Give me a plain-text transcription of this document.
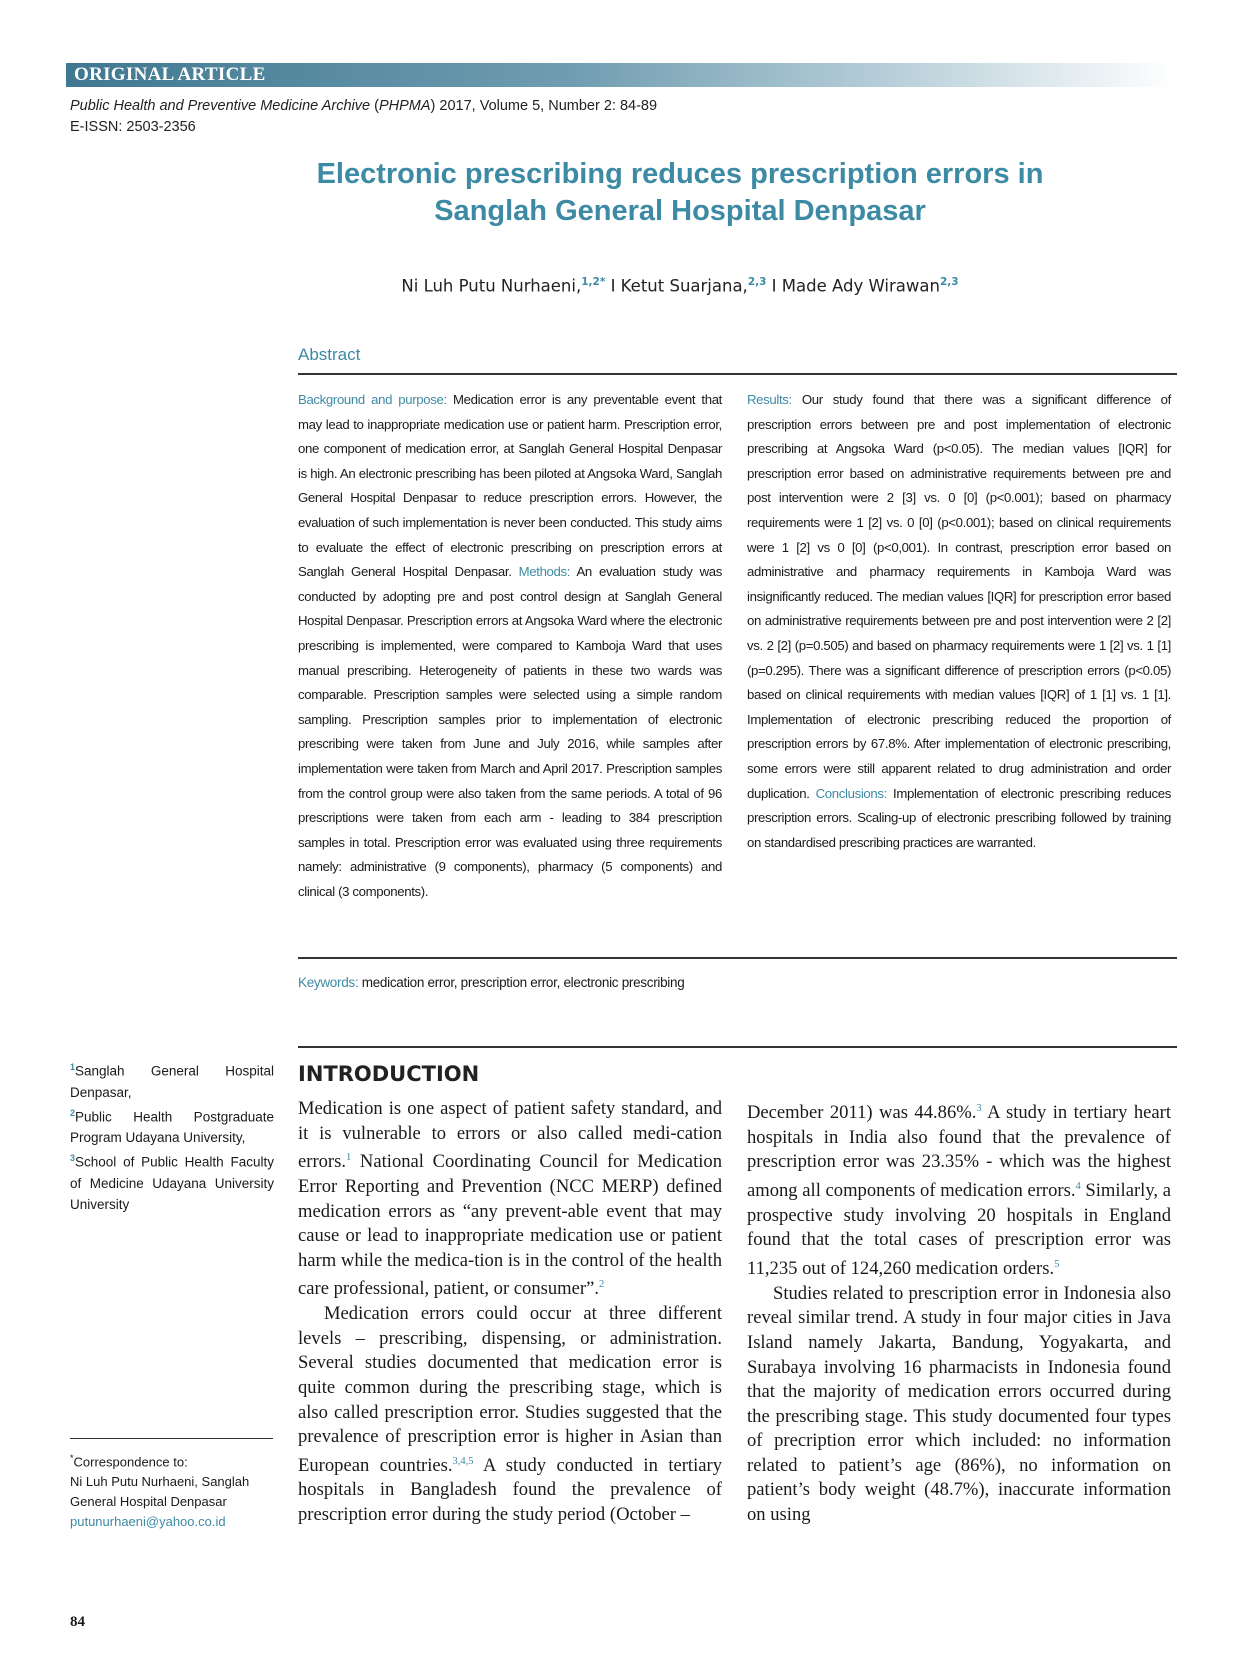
ORIGINAL ARTICLE
Public Health and Preventive Medicine Archive (PHPMA) 2017, Volume 5, Number 2: 84-89
E-ISSN: 2503-2356
Electronic prescribing reduces prescription errors in
Sanglah General Hospital Denpasar
Ni Luh Putu Nurhaeni,$^{1,2*}$ I Ketut Suarjana,$^{2,3}$ I Made Ady Wirawan$^{2,3}$
Abstract
Background and purpose: Medication error is any preventable event that may lead to inappropriate medication use or patient harm. Prescription error, one component of medication error, at Sanglah General Hospital Denpasar is high. An electronic prescribing has been piloted at Angsoka Ward, Sanglah General Hospital Denpasar to reduce prescription errors. However, the evaluation of such implementation is never been conducted. This study aims to evaluate the effect of electronic prescribing on prescription errors at Sanglah General Hospital Denpasar. Methods: An evaluation study was conducted by adopting pre and post control design at Sanglah General Hospital Denpasar. Prescription errors at Angsoka Ward where the electronic prescribing is implemented, were compared to Kamboja Ward that uses manual prescribing. Heterogeneity of patients in these two wards was comparable. Prescription samples were selected using a simple random sampling. Prescription samples prior to implementation of electronic prescribing were taken from June and July 2016, while samples after implementation were taken from March and April 2017. Prescription samples from the control group were also taken from the same periods. A total of 96 prescriptions were taken from each arm - leading to 384 prescription samples in total. Prescription error was evaluated using three requirements namely: administrative (9 components), pharmacy (5 components) and clinical (3 components).
Results: Our study found that there was a significant difference of prescription errors between pre and post implementation of electronic prescribing at Angsoka Ward (p<0.05). The median values [IQR] for prescription error based on administrative requirements between pre and post intervention were 2 [3] vs. 0 [0] (p<0.001); based on pharmacy requirements were 1 [2] vs. 0 [0] (p<0.001); based on clinical requirements were 1 [2] vs 0 [0] (p<0,001). In contrast, prescription error based on administrative and pharmacy requirements in Kamboja Ward was insignificantly reduced. The median values [IQR] for prescription error based on administrative requirements between pre and post intervention were 2 [2] vs. 2 [2] (p=0.505) and based on pharmacy requirements were 1 [2] vs. 1 [1] (p=0.295). There was a significant difference of prescription errors (p<0.05) based on clinical requirements with median values [IQR] of 1 [1] vs. 1 [1]. Implementation of electronic prescribing reduced the proportion of prescription errors by 67.8%. After implementation of electronic prescribing, some errors were still apparent related to drug administration and order duplication. Conclusions: Implementation of electronic prescribing reduces prescription errors. Scaling-up of electronic prescribing followed by training on standardised prescribing practices are warranted.
Keywords: medication error, prescription error, electronic prescribing
$^1$Sanglah General Hospital Denpasar,
$^2$Public Health Postgraduate Program Udayana University,
$^3$School of Public Health Faculty of Medicine Udayana University University
*Correspondence to:
Ni Luh Putu Nurhaeni, Sanglah General Hospital Denpasar
putunurhaeni@yahoo.co.id
INTRODUCTION

Medication is one aspect of patient safety standard, and it is vulnerable to errors or also called medi-cation errors.$^1$ National Coordinating Council for Medication Error Reporting and Prevention (NCC MERP) defined medication errors as “any prevent-able event that may cause or lead to inappropriate medication use or patient harm while the medica-tion is in the control of the health care professional, patient, or consumer”.$^2$

Medication errors could occur at three different levels – prescribing, dispensing, or administration. Several studies documented that medication error is quite common during the prescribing stage, which is also called prescription error. Studies suggested that the prevalence of prescription error is higher in Asian than European countries.$^{3,4,5}$ A study conducted in tertiary hospitals in Bangladesh found the prevalence of prescription error during the study period (October –

84

December 2011) was 44.86%.$^3$ A study in tertiary heart hospitals in India also found that the prevalence of prescription error was 23.35% - which was the highest among all components of medication errors.$^4$ Similarly, a prospective study involving 20 hospitals in England found that the total cases of prescription error was 11,235 out of 124,260 medication orders.$^5$

Studies related to prescription error in Indonesia also reveal similar trend. A study in four major cities in Java Island namely Jakarta, Bandung, Yogyakarta, and Surabaya involving 16 pharmacists in Indonesia found that the majority of medication errors occurred during the prescribing stage. This study documented four types of precription error which included: no information related to patient’s age (86%), no information on patient’s body weight (48.7%), inaccurate information on using
